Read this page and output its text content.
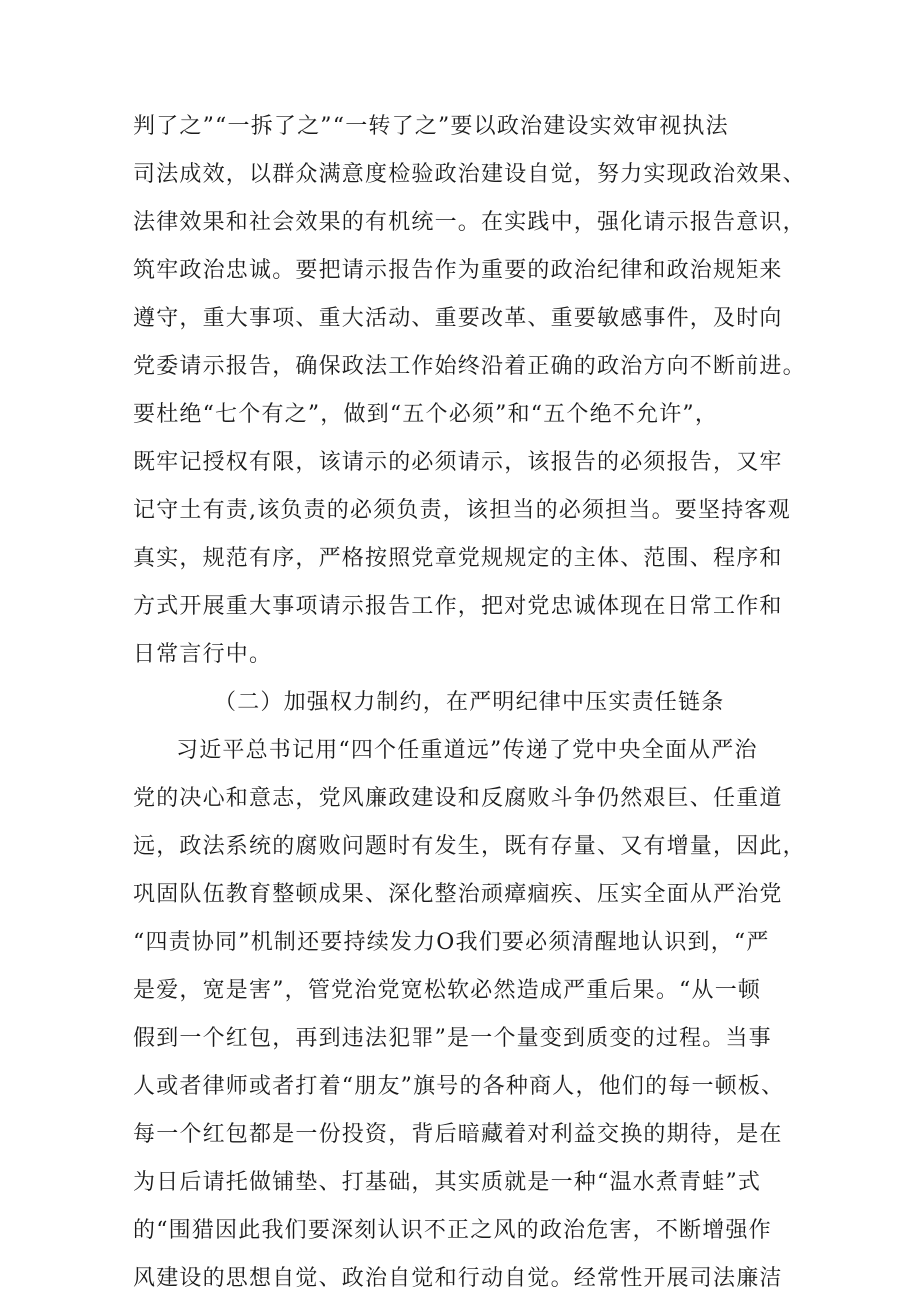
判了之”“一拆了之”“一转了之”要以政治建设实效审视执法
司法成效，以群众满意度检验政治建设自觉，努力实现政治效果、
法律效果和社会效果的有机统一。在实践中，强化请示报告意识，
筑牢政治忠诚。要把请示报告作为重要的政治纪律和政治规矩来
遵守，重大事项、重大活动、重要改革、重要敏感事件，及时向
党委请示报告，确保政法工作始终沿着正确的政治方向不断前进。
要杜绝“七个有之”，做到“五个必须”和“五个绝不允许”，
既牢记授权有限，该请示的必须请示，该报告的必须报告，又牢
记守土有责,该负责的必须负责，该担当的必须担当。要坚持客观
真实，规范有序，严格按照党章党规规定的主体、范围、程序和
方式开展重大事项请示报告工作，把对党忠诚体现在日常工作和
日常言行中。
（二）加强权力制约，在严明纪律中压实责任链条
习近平总书记用“四个任重道远”传递了党中央全面从严治
党的决心和意志，党风廉政建设和反腐败斗争仍然艰巨、任重道
远，政法系统的腐败问题时有发生，既有存量、又有增量，因此，
巩固队伍教育整顿成果、深化整治顽瘴痼疾、压实全面从严治党
“四责协同”机制还要持续发力O我们要必须清醒地认识到，“严
是爱，宽是害”，管党治党宽松软必然造成严重后果。“从一顿
假到一个红包，再到违法犯罪”是一个量变到质变的过程。当事
人或者律师或者打着“朋友”旗号的各种商人，他们的每一顿板、
每一个红包都是一份投资，背后暗藏着对利益交换的期待，是在
为日后请托做铺垫、打基础，其实质就是一种“温水煮青蛙”式
的“围猎因此我们要深刻认识不正之风的政治危害，不断增强作
风建设的思想自觉、政治自觉和行动自觉。经常性开展司法廉洁
